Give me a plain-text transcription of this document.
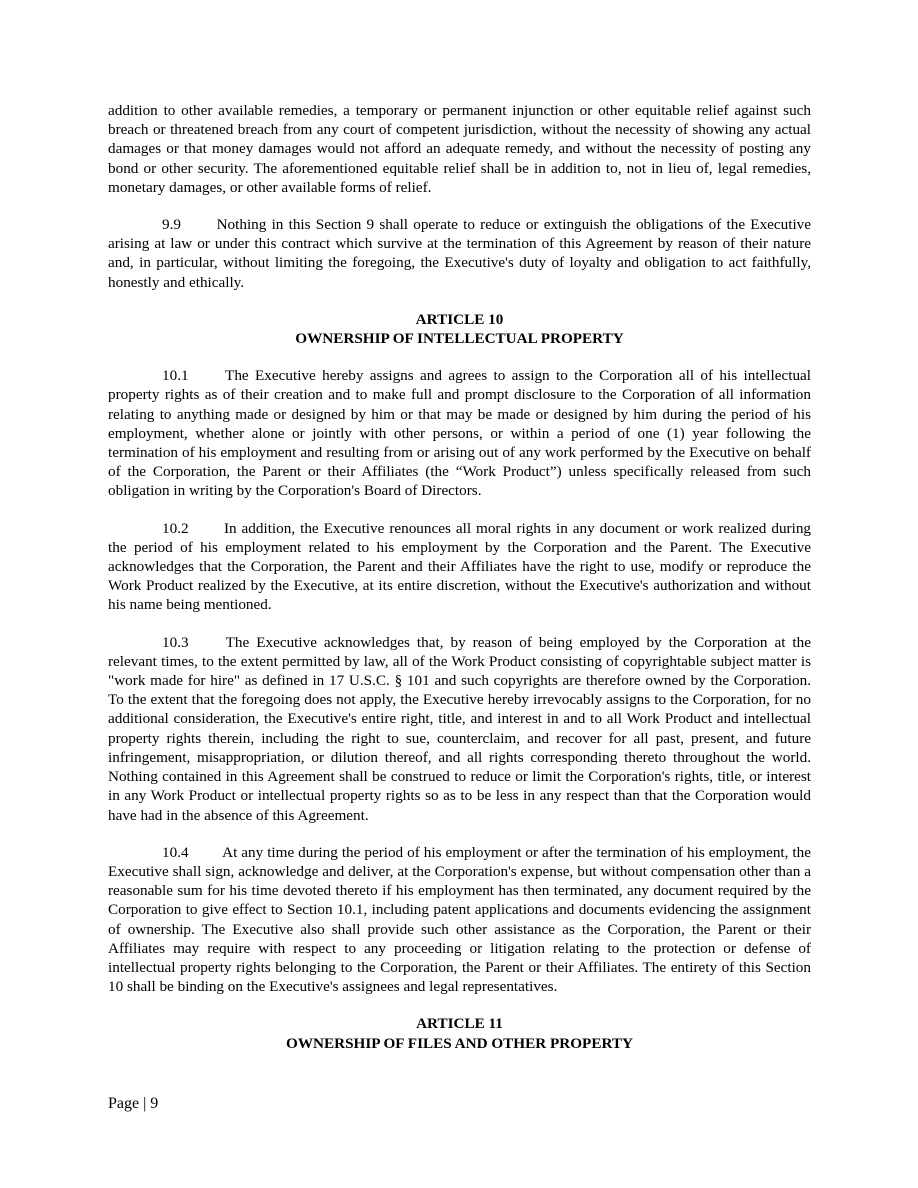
addition to other available remedies, a temporary or permanent injunction or other equitable relief against such breach or threatened breach from any court of competent jurisdiction, without the necessity of showing any actual damages or that money damages would not afford an adequate remedy, and without the necessity of posting any bond or other security. The aforementioned equitable relief shall be in addition to, not in lieu of, legal remedies, monetary damages, or other available forms of relief.

9.9   Nothing in this Section 9 shall operate to reduce or extinguish the obligations of the Executive arising at law or under this contract which survive at the termination of this Agreement by reason of their nature and, in particular, without limiting the foregoing, the Executive's duty of loyalty and obligation to act faithfully, honestly and ethically.

ARTICLE 10
OWNERSHIP OF INTELLECTUAL PROPERTY

10.1   The Executive hereby assigns and agrees to assign to the Corporation all of his intellectual property rights as of their creation and to make full and prompt disclosure to the Corporation of all information relating to anything made or designed by him or that may be made or designed by him during the period of his employment, whether alone or jointly with other persons, or within a period of one (1) year following the termination of his employment and resulting from or arising out of any work performed by the Executive on behalf of the Corporation, the Parent or their Affiliates (the “Work Product”) unless specifically released from such obligation in writing by the Corporation's Board of Directors.

10.2   In addition, the Executive renounces all moral rights in any document or work realized during the period of his employment related to his employment by the Corporation and the Parent. The Executive acknowledges that the Corporation, the Parent and their Affiliates have the right to use, modify or reproduce the Work Product realized by the Executive, at its entire discretion, without the Executive's authorization and without his name being mentioned.

10.3   The Executive acknowledges that, by reason of being employed by the Corporation at the relevant times, to the extent permitted by law, all of the Work Product consisting of copyrightable subject matter is "work made for hire" as defined in 17 U.S.C. § 101 and such copyrights are therefore owned by the Corporation. To the extent that the foregoing does not apply, the Executive hereby irrevocably assigns to the Corporation, for no additional consideration, the Executive's entire right, title, and interest in and to all Work Product and intellectual property rights therein, including the right to sue, counterclaim, and recover for all past, present, and future infringement, misappropriation, or dilution thereof, and all rights corresponding thereto throughout the world. Nothing contained in this Agreement shall be construed to reduce or limit the Corporation's rights, title, or interest in any Work Product or intellectual property rights so as to be less in any respect than that the Corporation would have had in the absence of this Agreement.

10.4   At any time during the period of his employment or after the termination of his employment, the Executive shall sign, acknowledge and deliver, at the Corporation's expense, but without compensation other than a reasonable sum for his time devoted thereto if his employment has then terminated, any document required by the Corporation to give effect to Section 10.1, including patent applications and documents evidencing the assignment of ownership. The Executive also shall provide such other assistance as the Corporation, the Parent or their Affiliates may require with respect to any proceeding or litigation relating to the protection or defense of intellectual property rights belonging to the Corporation, the Parent or their Affiliates. The entirety of this Section 10 shall be binding on the Executive's assignees and legal representatives.

ARTICLE 11
OWNERSHIP OF FILES AND OTHER PROPERTY
Page | 9
